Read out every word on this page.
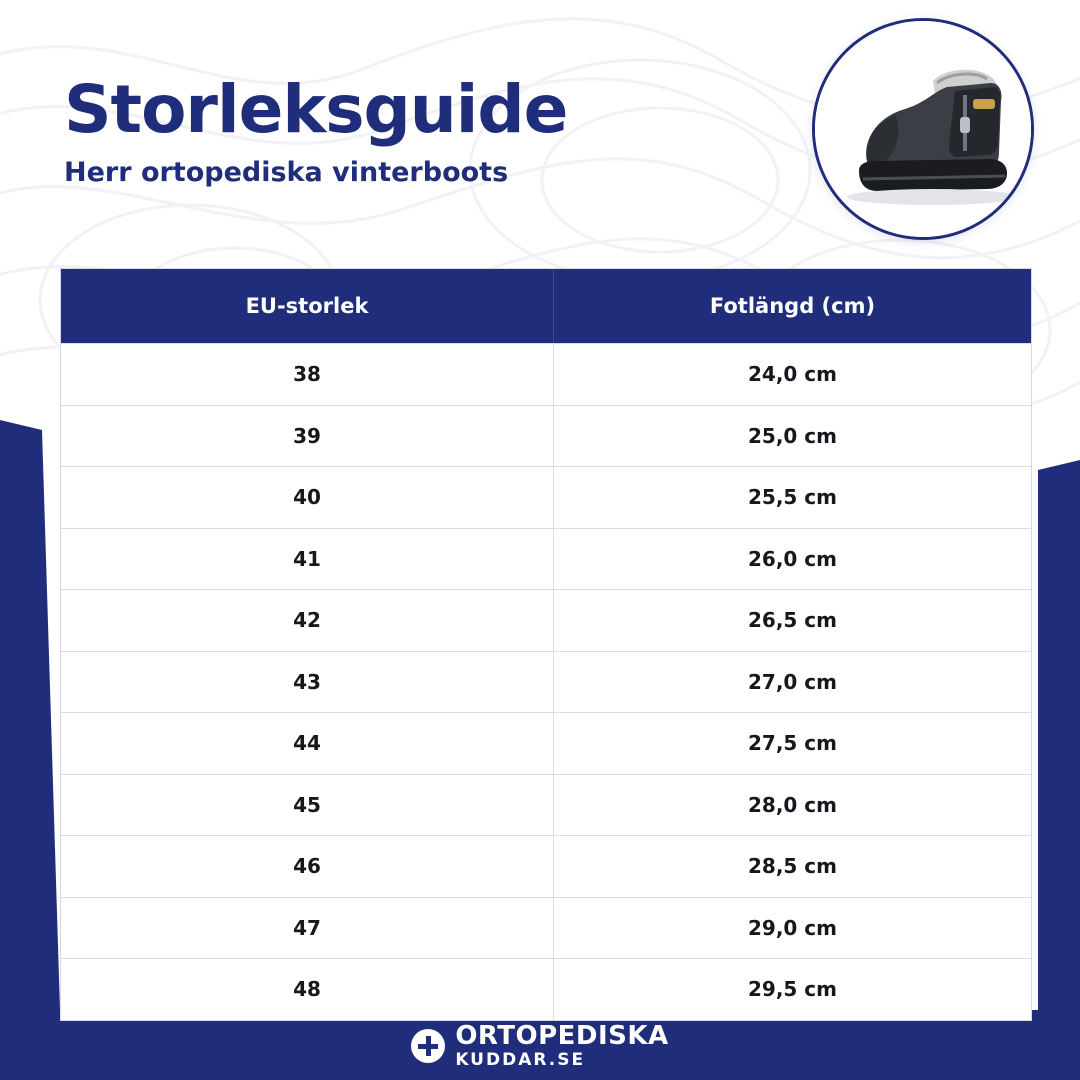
Storleksguide
Herr ortopediska vinterboots
EU-storlek	Fotlängd (cm)
38	24,0 cm
39	25,0 cm
40	25,5 cm
41	26,0 cm
42	26,5 cm
43	27,0 cm
44	27,5 cm
45	28,0 cm
46	28,5 cm
47	29,0 cm
48	29,5 cm
ORTOPEDISKA
KUDDAR.SE
